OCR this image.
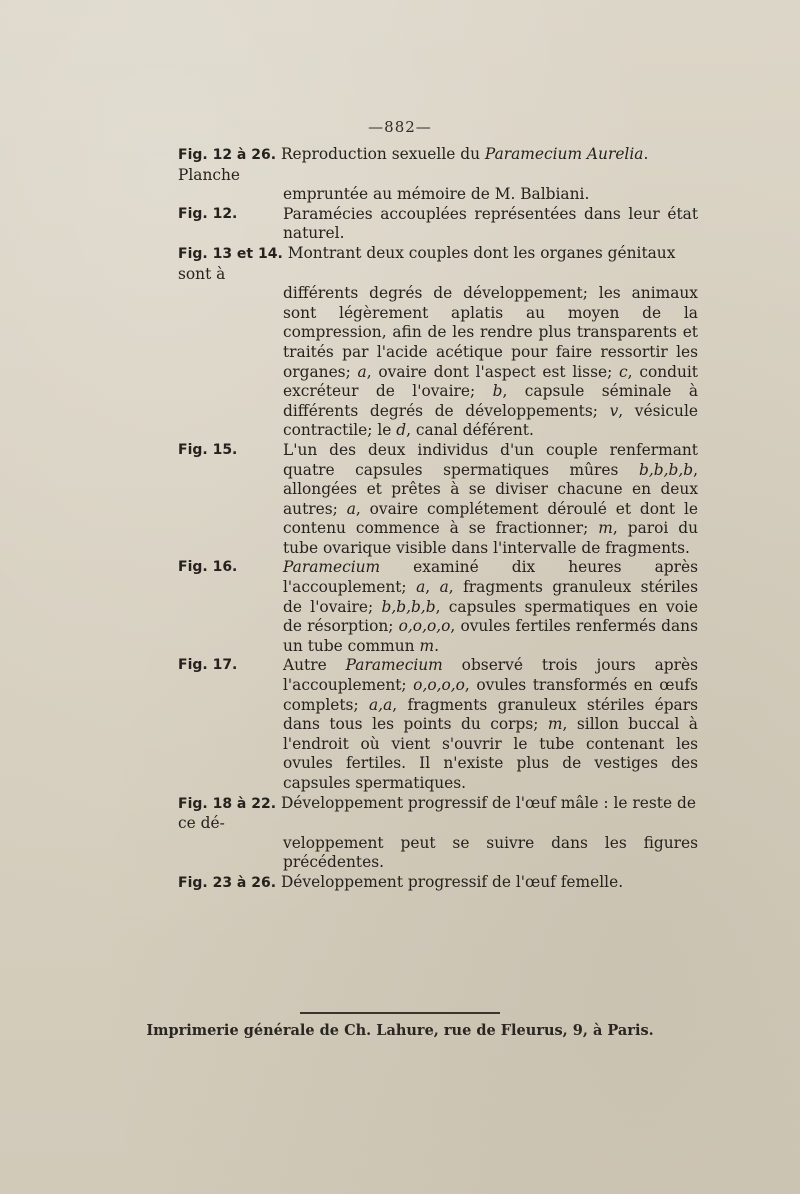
—882—

Fig. 12 à 26. Reproduction sexuelle du Paramecium Aurelia. Planche
empruntée au mémoire de M. Balbiani.

Fig. 12.	Paramécies accouplées représentées dans leur état naturel.

Fig. 13 et 14. Montrant deux couples dont les organes génitaux sont à
différents degrés de développement; les animaux sont légèrement aplatis au moyen de la compression, afin de les rendre plus transparents et traités par l'acide acétique pour faire ressortir les organes; a, ovaire dont l'aspect est lisse; c, conduit excréteur de l'ovaire; b, capsule séminale à différents degrés de développements; v, vésicule contractile; le d, canal déférent.

Fig. 15.	L'un des deux individus d'un couple renfermant quatre capsules spermatiques mûres b,b,b,b, allongées et prêtes à se diviser chacune en deux autres; a, ovaire complétement déroulé et dont le contenu commence à se fractionner; m, paroi du tube ovarique visible dans l'intervalle de fragments.

Fig. 16.	Paramecium examiné dix heures après l'accouplement; a, a, fragments granuleux stériles de l'ovaire; b,b,b,b, capsules spermatiques en voie de résorption; o,o,o,o, ovules fertiles renfermés dans un tube commun m.

Fig. 17.	Autre Paramecium observé trois jours après l'accouplement; o,o,o,o, ovules transformés en œufs complets; a,a, fragments granuleux stériles épars dans tous les points du corps; m, sillon buccal à l'endroit où vient s'ouvrir le tube contenant les ovules fertiles. Il n'existe plus de vestiges des capsules spermatiques.

Fig. 18 à 22. Développement progressif de l'œuf mâle : le reste de ce dé-
veloppement peut se suivre dans les figures précédentes.

Fig. 23 à 26. Développement progressif de l'œuf femelle.

Imprimerie générale de Ch. Lahure, rue de Fleurus, 9, à Paris.
